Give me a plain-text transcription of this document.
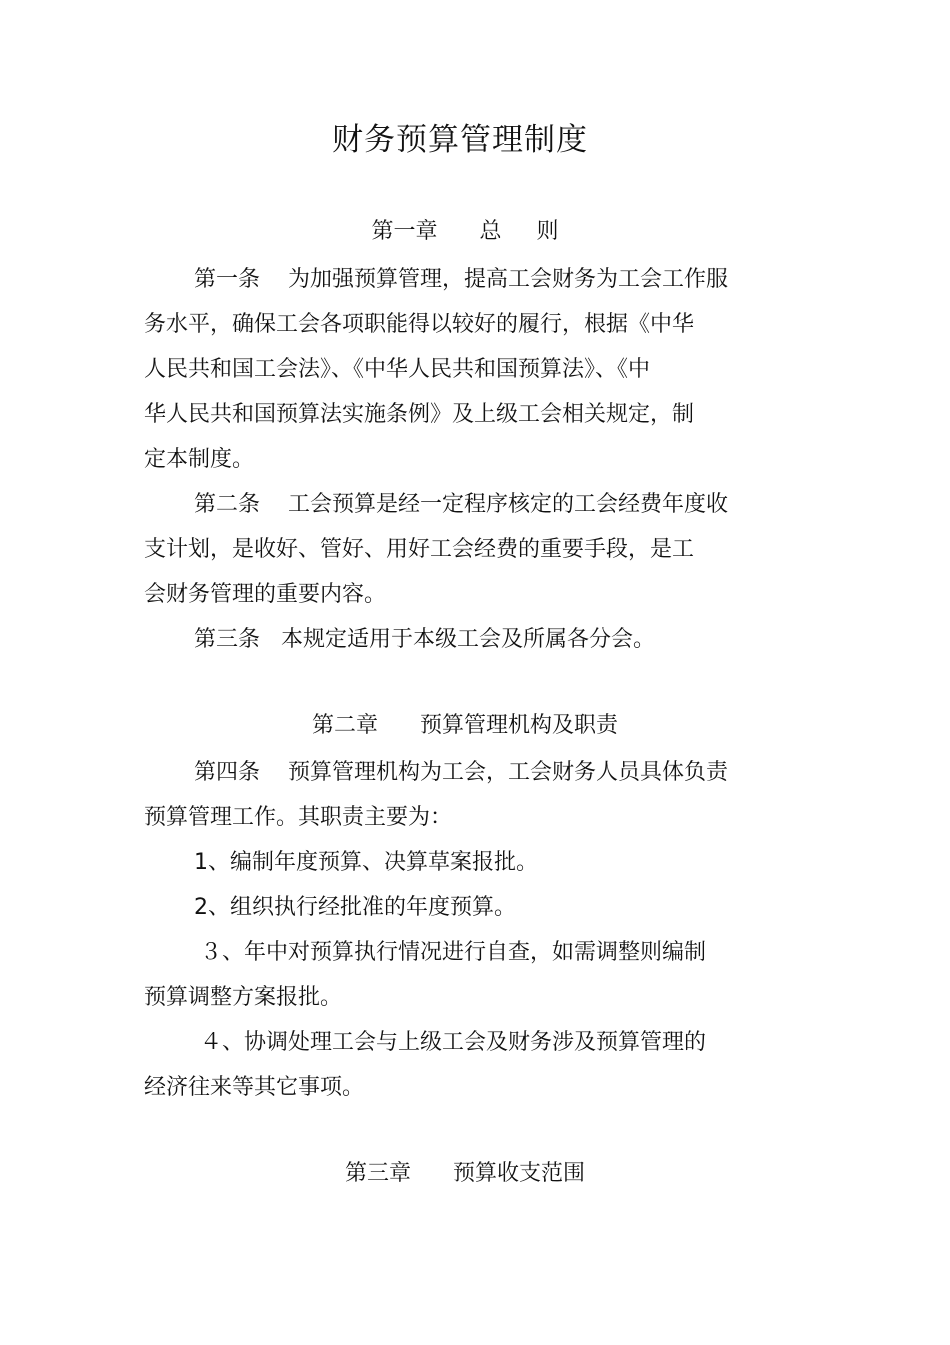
财务预算管理制度
第一章      总     则
第一条    为加强预算管理，提高工会财务为工会工作服
务水平，确保工会各项职能得以较好的履行，根据《中华
人民共和国工会法》、《中华人民共和国预算法》、《中
华人民共和国预算法实施条例》及上级工会相关规定，制
定本制度。
第二条    工会预算是经一定程序核定的工会经费年度收
支计划，是收好、管好、用好工会经费的重要手段，是工
会财务管理的重要内容。
第三条   本规定适用于本级工会及所属各分会。
第二章      预算管理机构及职责
第四条    预算管理机构为工会，工会财务人员具体负责
预算管理工作。其职责主要为：
1、编制年度预算、决算草案报批。
2、组织执行经批准的年度预算。
３、年中对预算执行情况进行自查，如需调整则编制
预算调整方案报批。
４、协调处理工会与上级工会及财务涉及预算管理的
经济往来等其它事项。
第三章      预算收支范围
